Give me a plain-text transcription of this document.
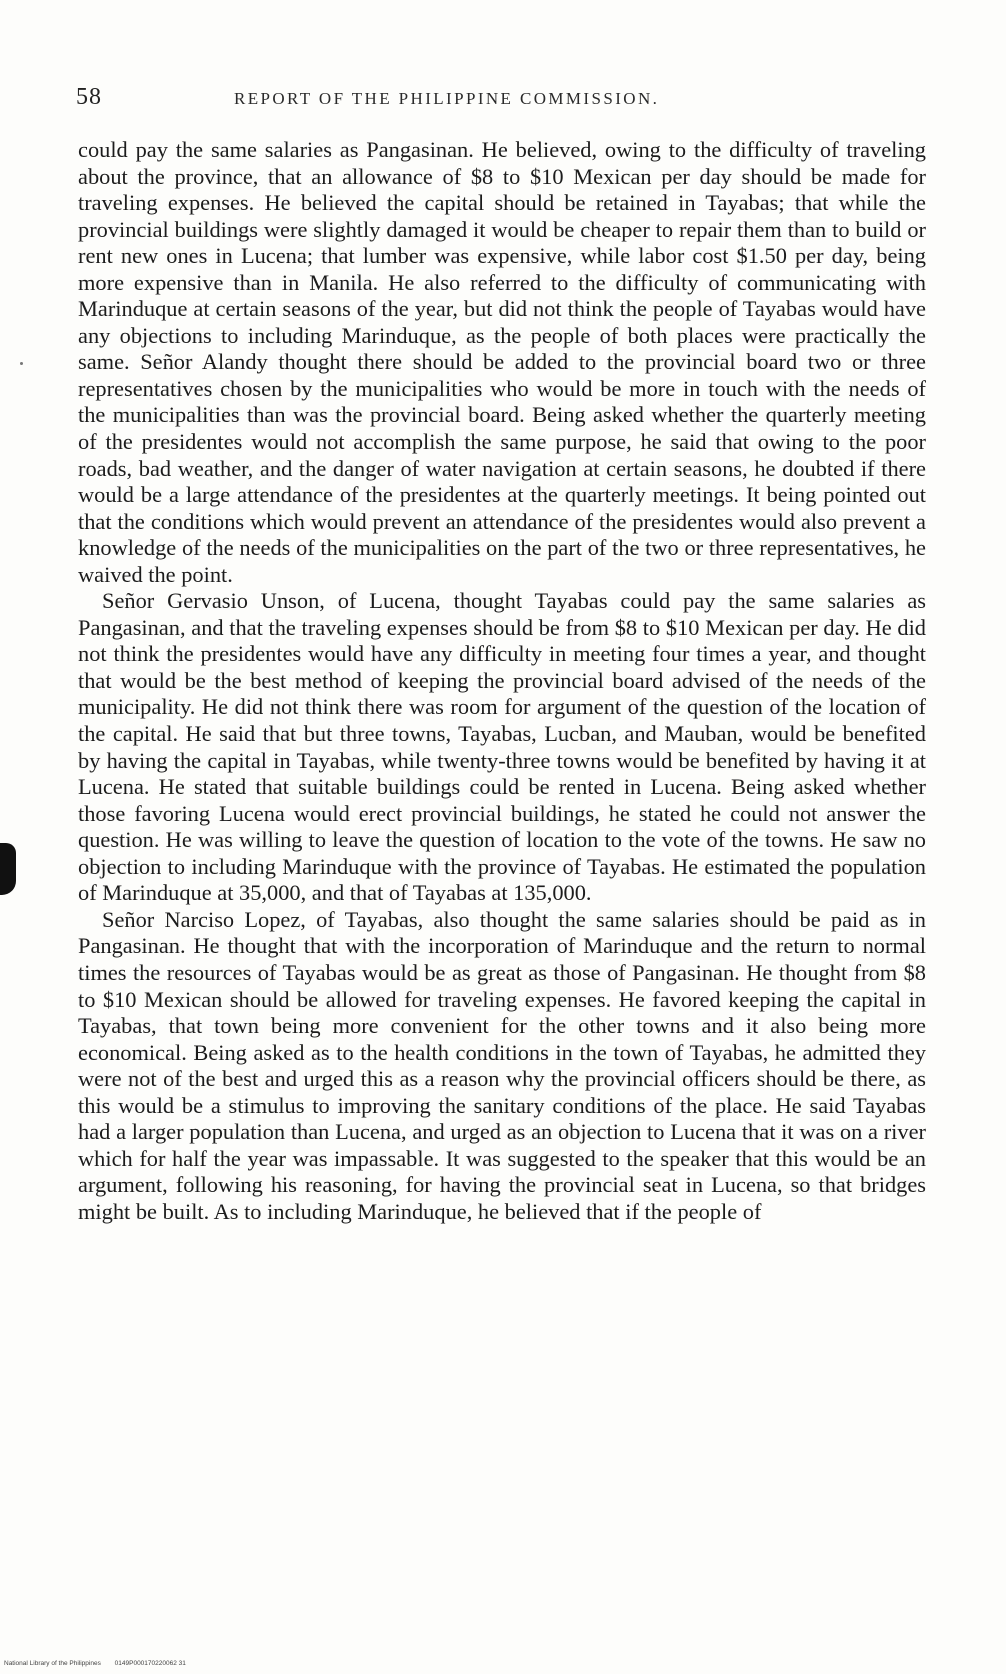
58	REPORT OF THE PHILIPPINE COMMISSION.

could pay the same salaries as Pangasinan. He believed, owing to the difficulty of traveling about the province, that an allowance of $8 to $10 Mexican per day should be made for traveling expenses. He believed the capital should be retained in Tayabas; that while the provincial buildings were slightly damaged it would be cheaper to repair them than to build or rent new ones in Lucena; that lumber was expensive, while labor cost $1.50 per day, being more expensive than in Manila. He also referred to the difficulty of communicating with Marinduque at certain seasons of the year, but did not think the people of Tayabas would have any objections to including Marinduque, as the people of both places were practically the same. Señor Alandy thought there should be added to the provincial board two or three representatives chosen by the municipalities who would be more in touch with the needs of the municipalities than was the provincial board. Being asked whether the quarterly meeting of the presidentes would not accomplish the same purpose, he said that owing to the poor roads, bad weather, and the danger of water navigation at certain seasons, he doubted if there would be a large attendance of the presidentes at the quarterly meetings. It being pointed out that the conditions which would prevent an attendance of the presidentes would also prevent a knowledge of the needs of the municipalities on the part of the two or three representatives, he waived the point.

Señor Gervasio Unson, of Lucena, thought Tayabas could pay the same salaries as Pangasinan, and that the traveling expenses should be from $8 to $10 Mexican per day. He did not think the presidentes would have any difficulty in meeting four times a year, and thought that would be the best method of keeping the provincial board advised of the needs of the municipality. He did not think there was room for argument of the question of the location of the capital. He said that but three towns, Tayabas, Lucban, and Mauban, would be benefited by having the capital in Tayabas, while twenty-three towns would be benefited by having it at Lucena. He stated that suitable buildings could be rented in Lucena. Being asked whether those favoring Lucena would erect provincial buildings, he stated he could not answer the question. He was willing to leave the question of location to the vote of the towns. He saw no objection to including Marinduque with the province of Tayabas. He estimated the population of Marinduque at 35,000, and that of Tayabas at 135,000.

Señor Narciso Lopez, of Tayabas, also thought the same salaries should be paid as in Pangasinan. He thought that with the incorporation of Marinduque and the return to normal times the resources of Tayabas would be as great as those of Pangasinan. He thought from $8 to $10 Mexican should be allowed for traveling expenses. He favored keeping the capital in Tayabas, that town being more convenient for the other towns and it also being more economical. Being asked as to the health conditions in the town of Tayabas, he admitted they were not of the best and urged this as a reason why the provincial officers should be there, as this would be a stimulus to improving the sanitary conditions of the place. He said Tayabas had a larger population than Lucena, and urged as an objection to Lucena that it was on a river which for half the year was impassable. It was suggested to the speaker that this would be an argument, following his reasoning, for having the provincial seat in Lucena, so that bridges might be built. As to including Marinduque, he believed that if the people of

National Library of the Philippines 0149P000170220062 31
